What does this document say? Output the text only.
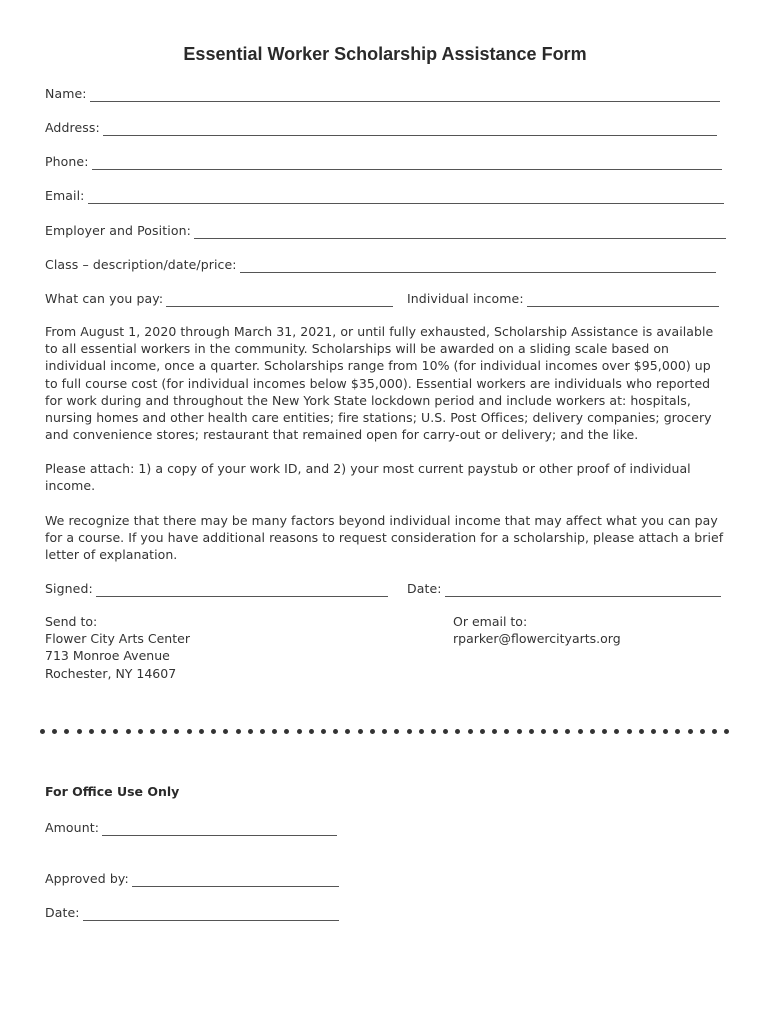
Essential Worker Scholarship Assistance Form
Name:
Address:
Phone:
Email:
Employer and Position:
Class – description/date/price:
What can you pay:	Individual income:

From August 1, 2020 through March 31, 2021, or until fully exhausted, Scholarship Assistance is available to all essential workers in the community. Scholarships will be awarded on a sliding scale based on individual income, once a quarter. Scholarships range from 10% (for individual incomes over $95,000) up to full course cost (for individual incomes below $35,000). Essential workers are individuals who reported for work during and throughout the New York State lockdown period and include workers at: hospitals, nursing homes and other health care entities; fire stations; U.S. Post Offices; delivery companies; grocery and convenience stores; restaurant that remained open for carry-out or delivery; and the like.

Please attach: 1) a copy of your work ID, and 2) your most current paystub or other proof of individual income.

We recognize that there may be many factors beyond individual income that may affect what you can pay for a course. If you have additional reasons to request consideration for a scholarship, please attach a brief letter of explanation.

Signed:	Date:
Send to:
Flower City Arts Center
713 Monroe Avenue
Rochester, NY 14607
Or email to:
rparker@flowercityarts.org
For Office Use Only
Amount:
Approved by:
Date:
